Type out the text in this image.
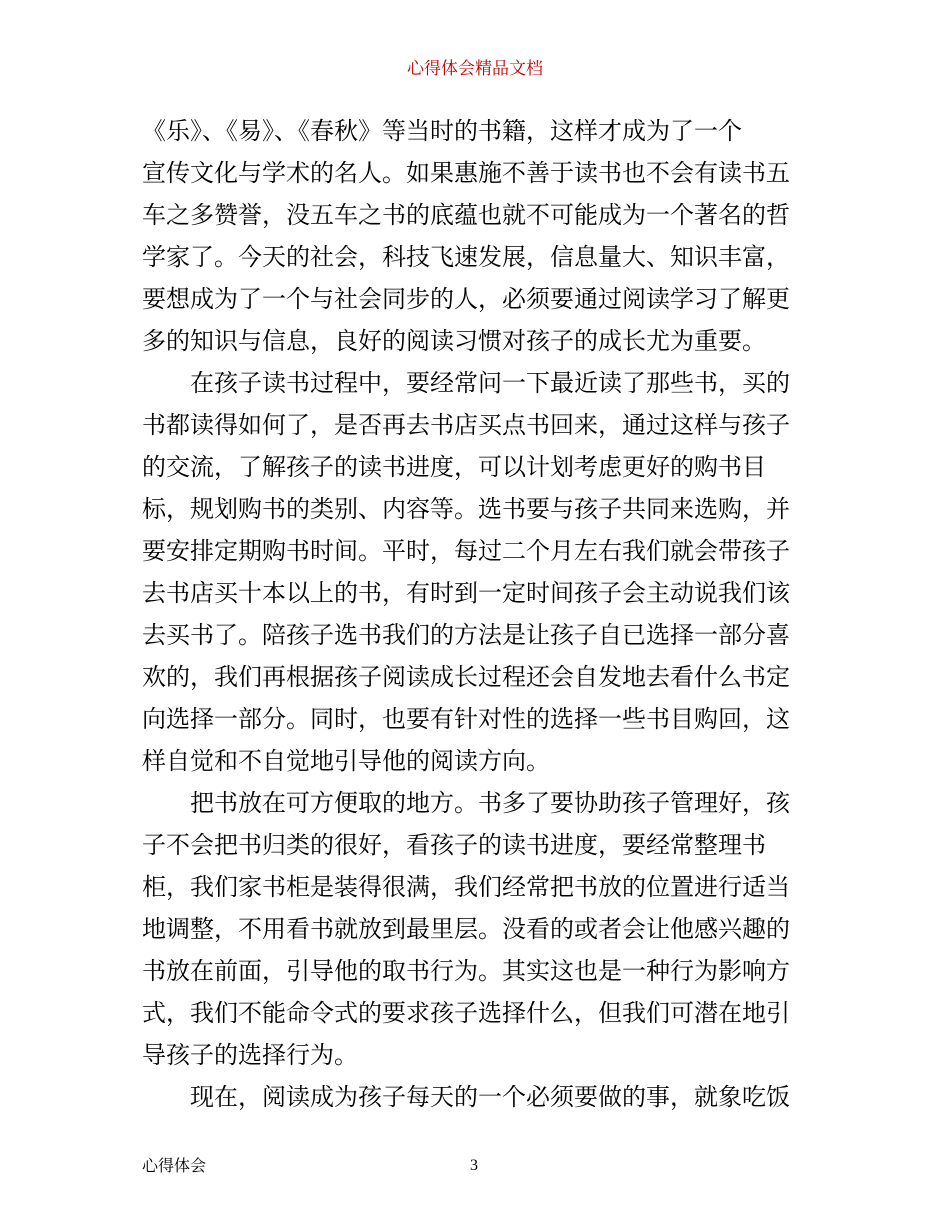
心得体会精品文档
《乐》、《易》、《春秋》等当时的书籍，这样才成为了一个
宣传文化与学术的名人。如果惠施不善于读书也不会有读书五
车之多赞誉，没五车之书的底蕴也就不可能成为一个著名的哲
学家了。今天的社会，科技飞速发展，信息量大、知识丰富，
要想成为了一个与社会同步的人，必须要通过阅读学习了解更
多的知识与信息，良好的阅读习惯对孩子的成长尤为重要。
在孩子读书过程中，要经常问一下最近读了那些书，买的
书都读得如何了，是否再去书店买点书回来，通过这样与孩子
的交流，了解孩子的读书进度，可以计划考虑更好的购书目
标，规划购书的类别、内容等。选书要与孩子共同来选购，并
要安排定期购书时间。平时，每过二个月左右我们就会带孩子
去书店买十本以上的书，有时到一定时间孩子会主动说我们该
去买书了。陪孩子选书我们的方法是让孩子自已选择一部分喜
欢的，我们再根据孩子阅读成长过程还会自发地去看什么书定
向选择一部分。同时，也要有针对性的选择一些书目购回，这
样自觉和不自觉地引导他的阅读方向。
把书放在可方便取的地方。书多了要协助孩子管理好，孩
子不会把书归类的很好，看孩子的读书进度，要经常整理书
柜，我们家书柜是装得很满，我们经常把书放的位置进行适当
地调整，不用看书就放到最里层。没看的或者会让他感兴趣的
书放在前面，引导他的取书行为。其实这也是一种行为影响方
式，我们不能命令式的要求孩子选择什么，但我们可潜在地引
导孩子的选择行为。
现在，阅读成为孩子每天的一个必须要做的事，就象吃饭
心得体会	3
